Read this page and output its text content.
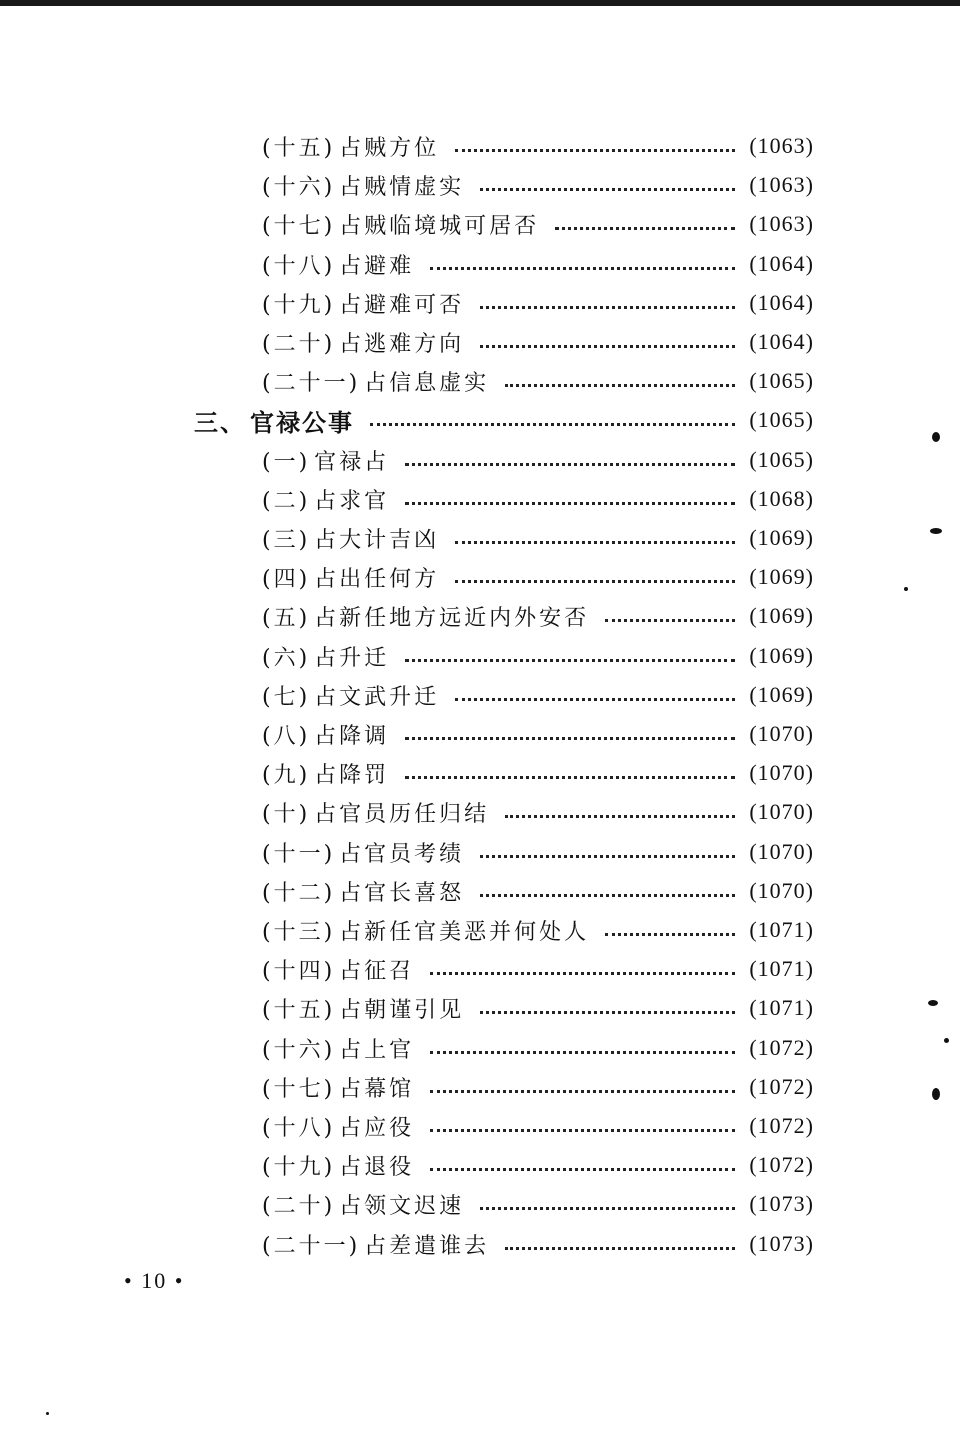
(十五) 占贼方位	(1063)
(十六) 占贼情虚实	(1063)
(十七) 占贼临境城可居否	(1063)
(十八) 占避难	(1064)
(十九) 占避难可否	(1064)
(二十) 占逃难方向	(1064)
(二十一) 占信息虚实	(1065)
三、 官禄公事	(1065)
(一) 官禄占	(1065)
(二) 占求官	(1068)
(三) 占大计吉凶	(1069)
(四) 占出任何方	(1069)
(五) 占新任地方远近内外安否	(1069)
(六) 占升迁	(1069)
(七) 占文武升迁	(1069)
(八) 占降调	(1070)
(九) 占降罚	(1070)
(十) 占官员历任归结	(1070)
(十一) 占官员考绩	(1070)
(十二) 占官长喜怒	(1070)
(十三) 占新任官美恶并何处人	(1071)
(十四) 占征召	(1071)
(十五) 占朝谨引见	(1071)
(十六) 占上官	(1072)
(十七) 占幕馆	(1072)
(十八) 占应役	(1072)
(十九) 占退役	(1072)
(二十) 占领文迟速	(1073)
(二十一) 占差遣谁去	(1073)
• 10 •
